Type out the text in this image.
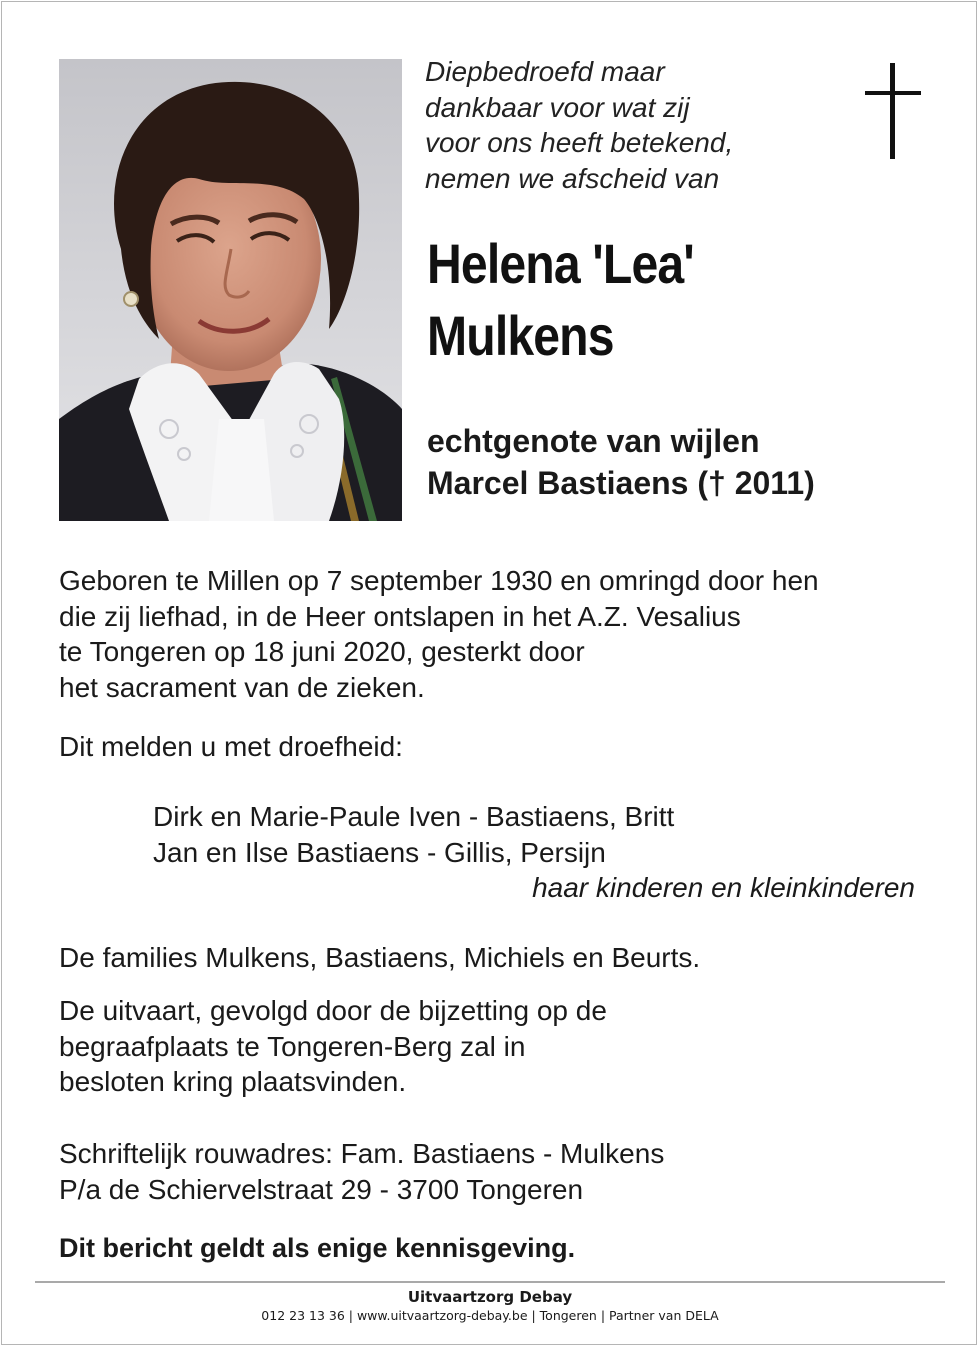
Diepbedroefd maar
dankbaar voor wat zij
voor ons heeft betekend,
nemen we afscheid van
Helena 'Lea'
Mulkens
echtgenote van wijlen
Marcel Bastiaens († 2011)
Geboren te Millen op 7 september 1930 en omringd door hen
die zij liefhad, in de Heer ontslapen in het A.Z. Vesalius
te Tongeren op 18 juni 2020, gesterkt door
het sacrament van de zieken.
Dit melden u met droefheid:
Dirk en Marie-Paule Iven - Bastiaens, Britt
Jan en Ilse Bastiaens - Gillis, Persijn
haar kinderen en kleinkinderen
De families Mulkens, Bastiaens, Michiels en Beurts.
De uitvaart, gevolgd door de bijzetting op de
begraafplaats te Tongeren-Berg zal in
besloten kring plaatsvinden.
Schriftelijk rouwadres: Fam. Bastiaens - Mulkens
P/a de Schiervelstraat 29 - 3700 Tongeren
Dit bericht geldt als enige kennisgeving.
Uitvaartzorg Debay
012 23 13 36 | www.uitvaartzorg-debay.be | Tongeren | Partner van DELA
